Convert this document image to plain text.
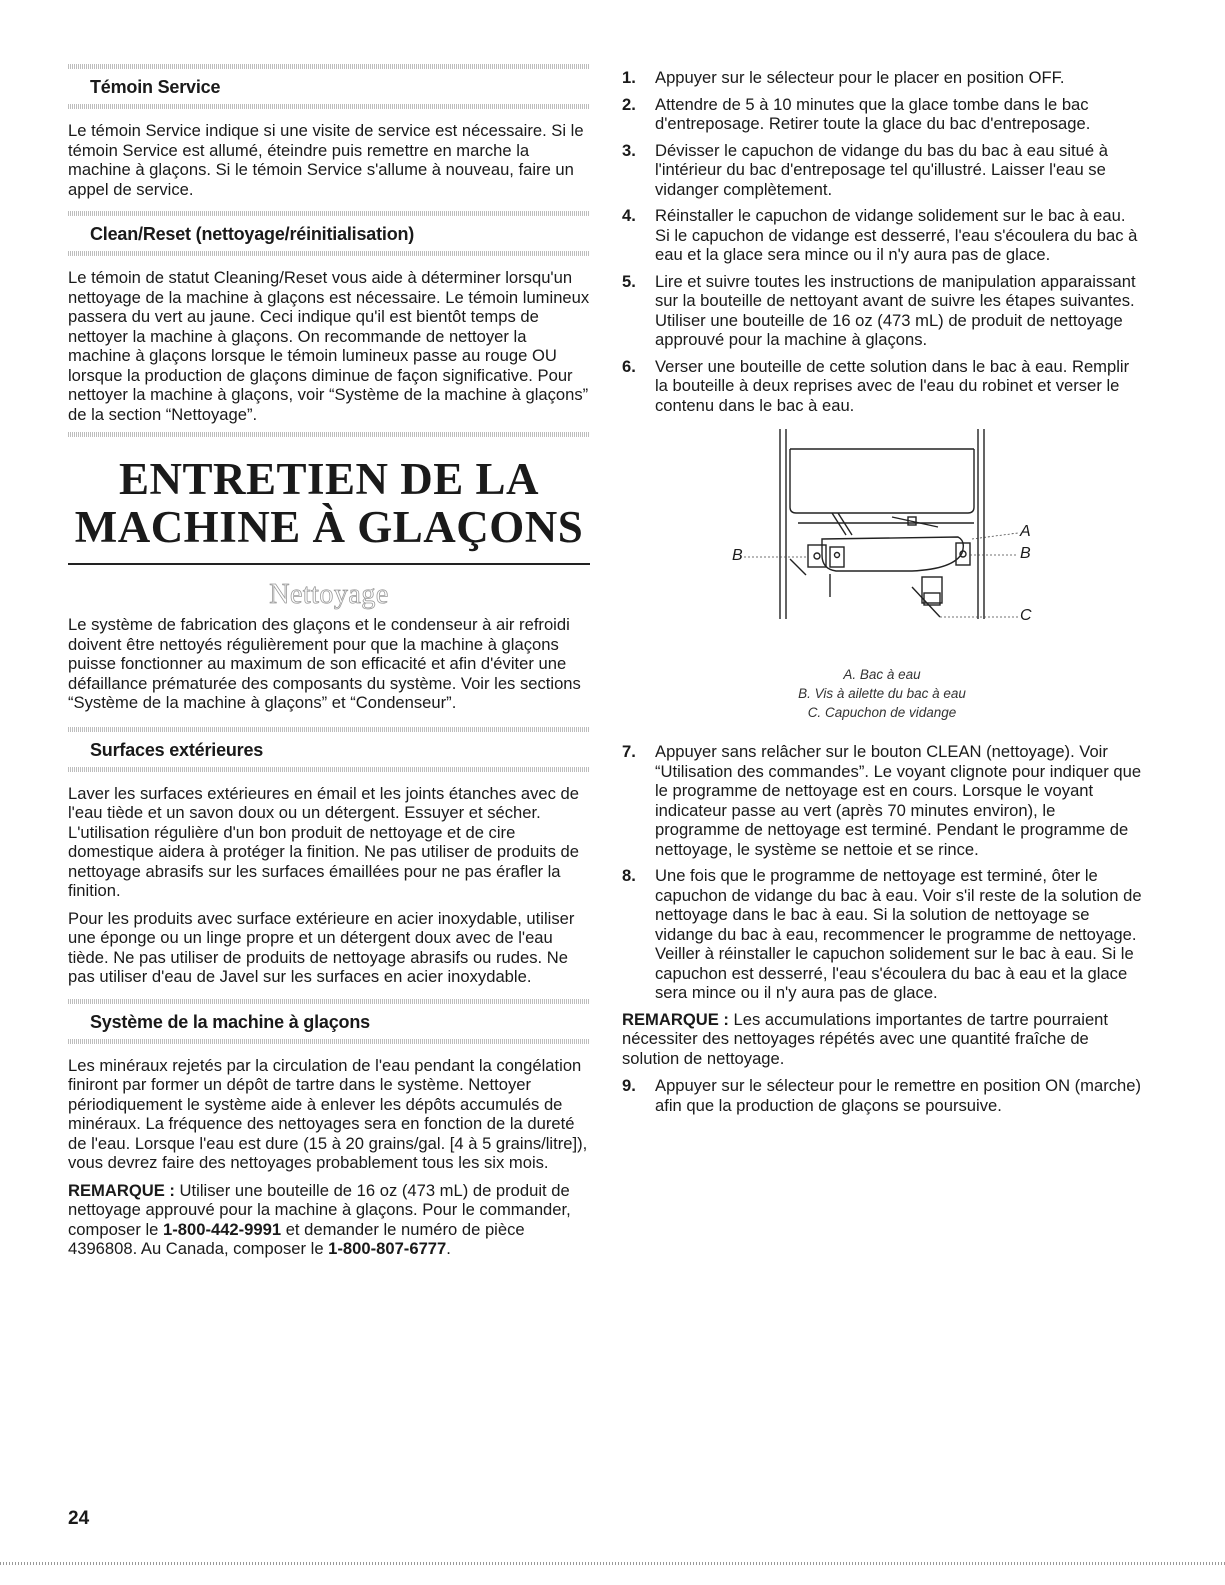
Témoin Service

Le témoin Service indique si une visite de service est nécessaire. Si le témoin Service est allumé, éteindre puis remettre en marche la machine à glaçons. Si le témoin Service s'allume à nouveau, faire un appel de service.

Clean/Reset (nettoyage/réinitialisation)

Le témoin de statut Cleaning/Reset vous aide à déterminer lorsqu'un nettoyage de la machine à glaçons est nécessaire. Le témoin lumineux passera du vert au jaune. Ceci indique qu'il est bientôt temps de nettoyer la machine à glaçons. On recommande de nettoyer la machine à glaçons lorsque le témoin lumineux passe au rouge OU lorsque la production de glaçons diminue de façon significative. Pour nettoyer la machine à glaçons, voir “Système de la machine à glaçons” de la section “Nettoyage”.

ENTRETIEN DE LA
MACHINE À GLAÇONS
Nettoyage

Le système de fabrication des glaçons et le condenseur à air refroidi doivent être nettoyés régulièrement pour que la machine à glaçons puisse fonctionner au maximum de son efficacité et afin d'éviter une défaillance prématurée des composants du système. Voir les sections “Système de la machine à glaçons” et “Condenseur”.

Surfaces extérieures

Laver les surfaces extérieures en émail et les joints étanches avec de l'eau tiède et un savon doux ou un détergent. Essuyer et sécher. L'utilisation régulière d'un bon produit de nettoyage et de cire domestique aidera à protéger la finition. Ne pas utiliser de produits de nettoyage abrasifs sur les surfaces émaillées pour ne pas érafler la finition.

Pour les produits avec surface extérieure en acier inoxydable, utiliser une éponge ou un linge propre et un détergent doux avec de l'eau tiède. Ne pas utiliser de produits de nettoyage abrasifs ou rudes. Ne pas utiliser d'eau de Javel sur les surfaces en acier inoxydable.

Système de la machine à glaçons

Les minéraux rejetés par la circulation de l'eau pendant la congélation finiront par former un dépôt de tartre dans le système. Nettoyer périodiquement le système aide à enlever les dépôts accumulés de minéraux. La fréquence des nettoyages sera en fonction de la dureté de l'eau. Lorsque l'eau est dure (15 à 20 grains/gal. [4 à 5 grains/litre]), vous devrez faire des nettoyages probablement tous les six mois.

REMARQUE : Utiliser une bouteille de 16 oz (473 mL) de produit de nettoyage approuvé pour la machine à glaçons. Pour le commander, composer le 1-800-442-9991 et demander le numéro de pièce 4396808. Au Canada, composer le 1-800-807-6777.

1. Appuyer sur le sélecteur pour le placer en position OFF.
2. Attendre de 5 à 10 minutes que la glace tombe dans le bac d'entreposage. Retirer toute la glace du bac d'entreposage.
3. Dévisser le capuchon de vidange du bas du bac à eau situé à l'intérieur du bac d'entreposage tel qu'illustré. Laisser l'eau se vidanger complètement.
4. Réinstaller le capuchon de vidange solidement sur le bac à eau. Si le capuchon de vidange est desserré, l'eau s'écoulera du bac à eau et la glace sera mince ou il n'y aura pas de glace.
5. Lire et suivre toutes les instructions de manipulation apparaissant sur la bouteille de nettoyant avant de suivre les étapes suivantes. Utiliser une bouteille de 16 oz (473 mL) de produit de nettoyage approuvé pour la machine à glaçons.
6. Verser une bouteille de cette solution dans le bac à eau. Remplir la bouteille à deux reprises avec de l'eau du robinet et verser le contenu dans le bac à eau.
B
A
B
C
A. Bac à eau
B. Vis à ailette du bac à eau
C. Capuchon de vidange
7. Appuyer sans relâcher sur le bouton CLEAN (nettoyage). Voir “Utilisation des commandes”. Le voyant clignote pour indiquer que le programme de nettoyage est en cours. Lorsque le voyant indicateur passe au vert (après 70 minutes environ), le programme de nettoyage est terminé. Pendant le programme de nettoyage, le système se nettoie et se rince.
8. Une fois que le programme de nettoyage est terminé, ôter le capuchon de vidange du bac à eau. Voir s'il reste de la solution de nettoyage dans le bac à eau. Si la solution de nettoyage se vidange du bac à eau, recommencer le programme de nettoyage. Veiller à réinstaller le capuchon solidement sur le bac à eau. Si le capuchon est desserré, l'eau s'écoulera du bac à eau et la glace sera mince ou il n'y aura pas de glace.

REMARQUE : Les accumulations importantes de tartre pourraient nécessiter des nettoyages répétés avec une quantité fraîche de solution de nettoyage.

9. Appuyer sur le sélecteur pour le remettre en position ON (marche) afin que la production de glaçons se poursuive.
24
